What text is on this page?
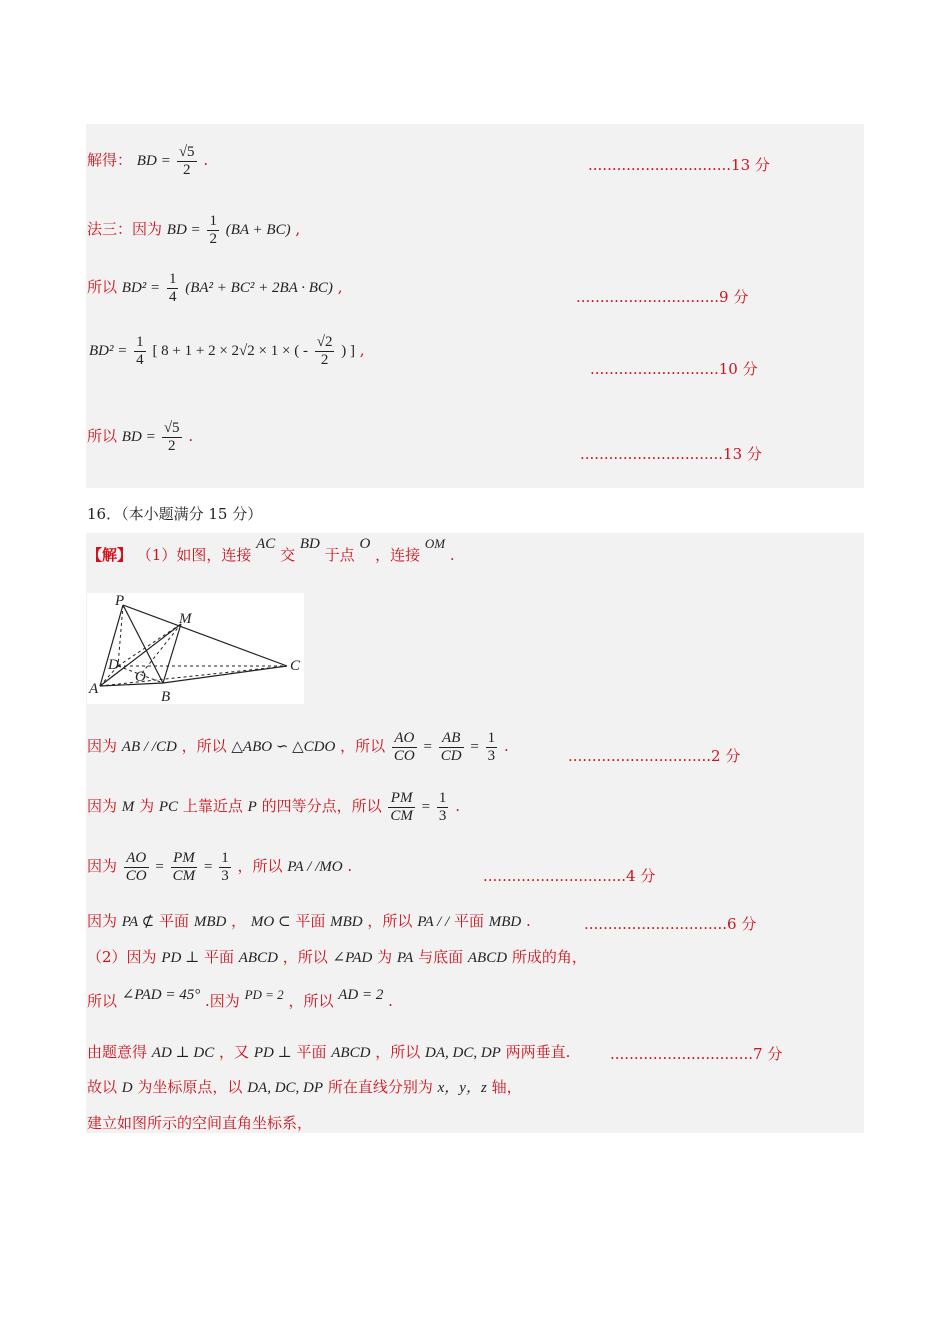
解得： BD = $\frac{√5}{2}$ .	..............................13 分
法三：因为 BD = $\frac{1}{2} (BA + BC)$ ,
所以 $BD^2 = \frac{1}{4} (BA^2 + BC^2 + 2BA \cdot BC)$ ,
..............................9 分
$BD^2 = \frac{1}{4}$ [ 8 + 1 + 2 × 2√2 × 1 × ( - $\frac{√2}{2}$ ) ] ,
...........................10 分
所以 BD = $\frac{√5}{2}$ .
..............................13 分
16．（本小题满分 15 分）
【解】 （1）如图，连接 AC 交 BD 于点 O ，连接 OM .
P
M
D
O
A	B
C
因为 AB / /CD ，所以 △ABO ∽ △CDO ，所以 $\frac{AO}{CO} = \frac{AB}{CD} = \frac{1}{3}$ .
..............................2 分
因为 M 为 PC 上靠近点 P 的四等分点，所以 $\frac{PM}{CM} = \frac{1}{3}$ .
因为 $\frac{AO}{CO} = \frac{PM}{CM} = \frac{1}{3}$ ，所以 PA / /MO .
..............................4 分
因为 PA ⊄ 平面 MBD ， MO ⊂ 平面 MBD ，所以 PA / / 平面 MBD .	..............................6 分
（2）因为 PD ⊥ 平面 ABCD ，所以 ∠PAD 为 PA 与底面 ABCD 所成的角，
所以 ∠PAD = 45° .因为 PD = 2 ，所以 AD = 2 .
由题意得 AD ⊥ DC ，又 PD ⊥ 平面 ABCD ，所以 DA, DC, DP 两两垂直.	..............................7 分
故以 D 为坐标原点，以 DA, DC, DP 所在直线分别为 x，y，z 轴，
建立如图所示的空间直角坐标系，
